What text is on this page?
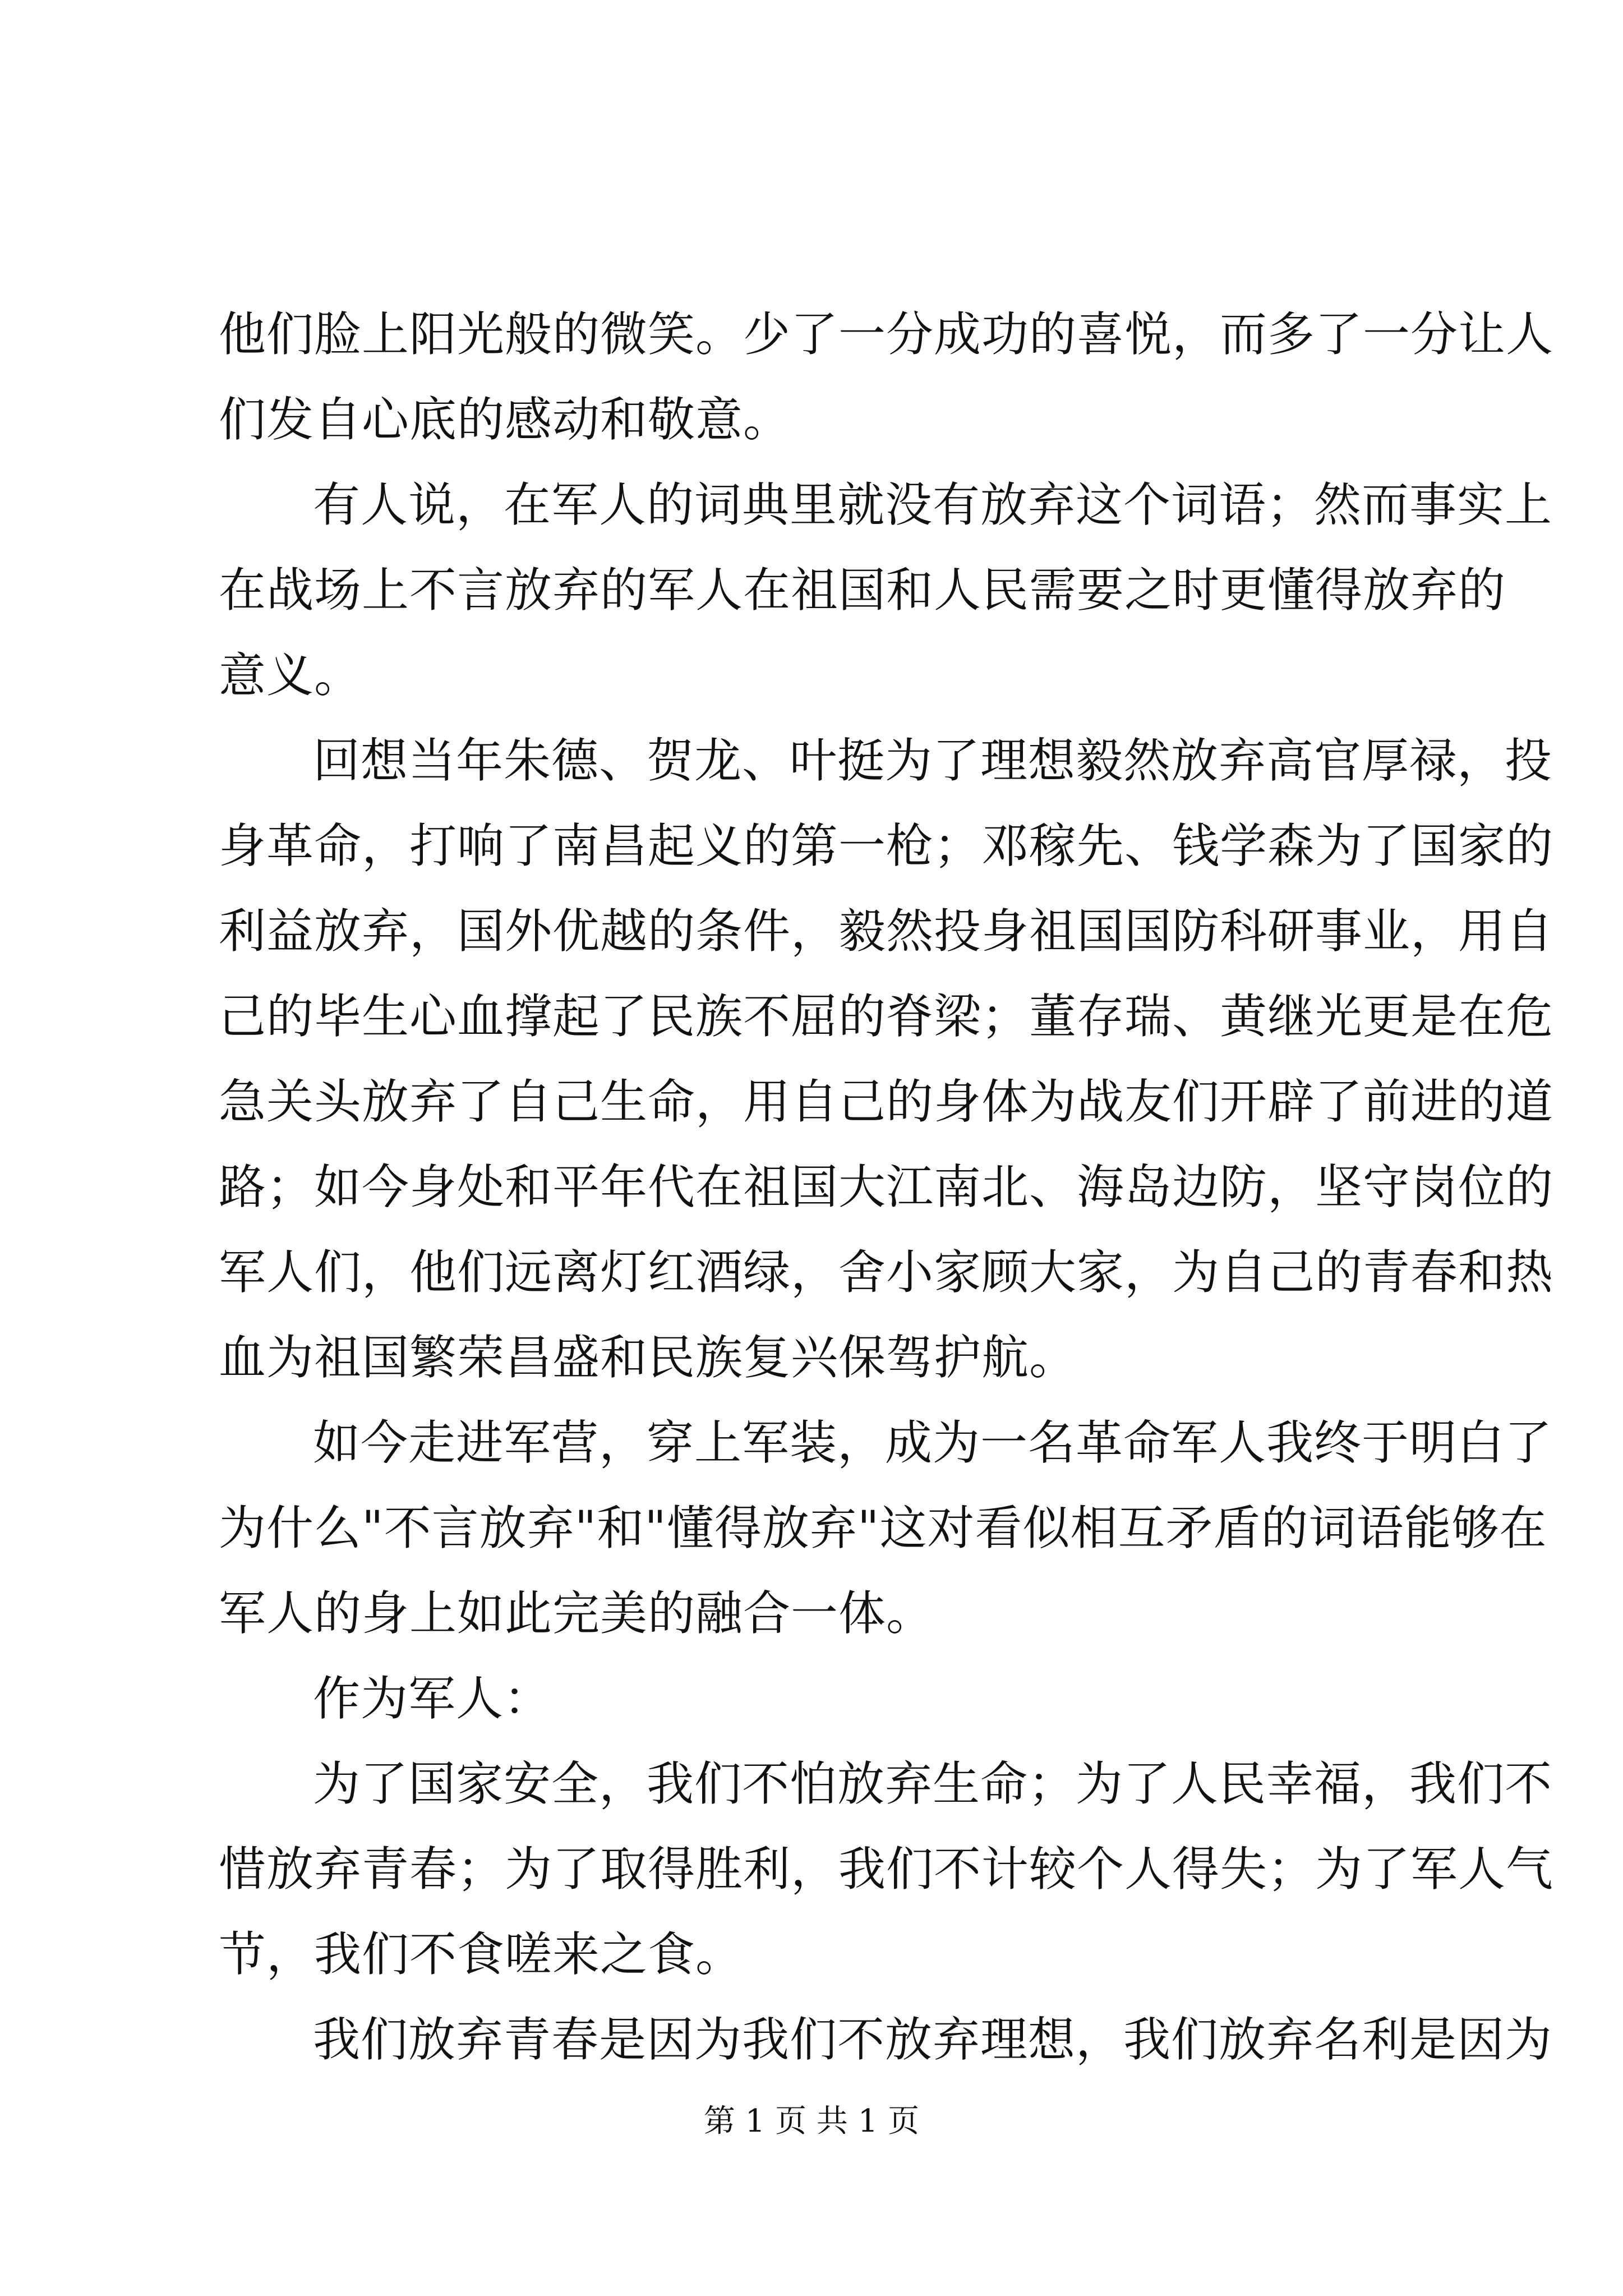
他们脸上阳光般的微笑。少了一分成功的喜悦，而多了一分让人
们发自心底的感动和敬意。
有人说，在军人的词典里就没有放弃这个词语；然而事实上
在战场上不言放弃的军人在祖国和人民需要之时更懂得放弃的
意义。
回想当年朱德、贺龙、叶挺为了理想毅然放弃高官厚禄，投
身革命，打响了南昌起义的第一枪；邓稼先、钱学森为了国家的
利益放弃，国外优越的条件，毅然投身祖国国防科研事业，用自
己的毕生心血撑起了民族不屈的脊梁；董存瑞、黄继光更是在危
急关头放弃了自己生命，用自己的身体为战友们开辟了前进的道
路；如今身处和平年代在祖国大江南北、海岛边防，坚守岗位的
军人们，他们远离灯红酒绿，舍小家顾大家，为自己的青春和热
血为祖国繁荣昌盛和民族复兴保驾护航。
如今走进军营，穿上军装，成为一名革命军人我终于明白了
为什么"不言放弃"和"懂得放弃"这对看似相互矛盾的词语能够在
军人的身上如此完美的融合一体。
作为军人：
为了国家安全，我们不怕放弃生命；为了人民幸福，我们不
惜放弃青春；为了取得胜利，我们不计较个人得失；为了军人气
节，我们不食嗟来之食。
我们放弃青春是因为我们不放弃理想，我们放弃名利是因为
第 1 页 共 1 页
